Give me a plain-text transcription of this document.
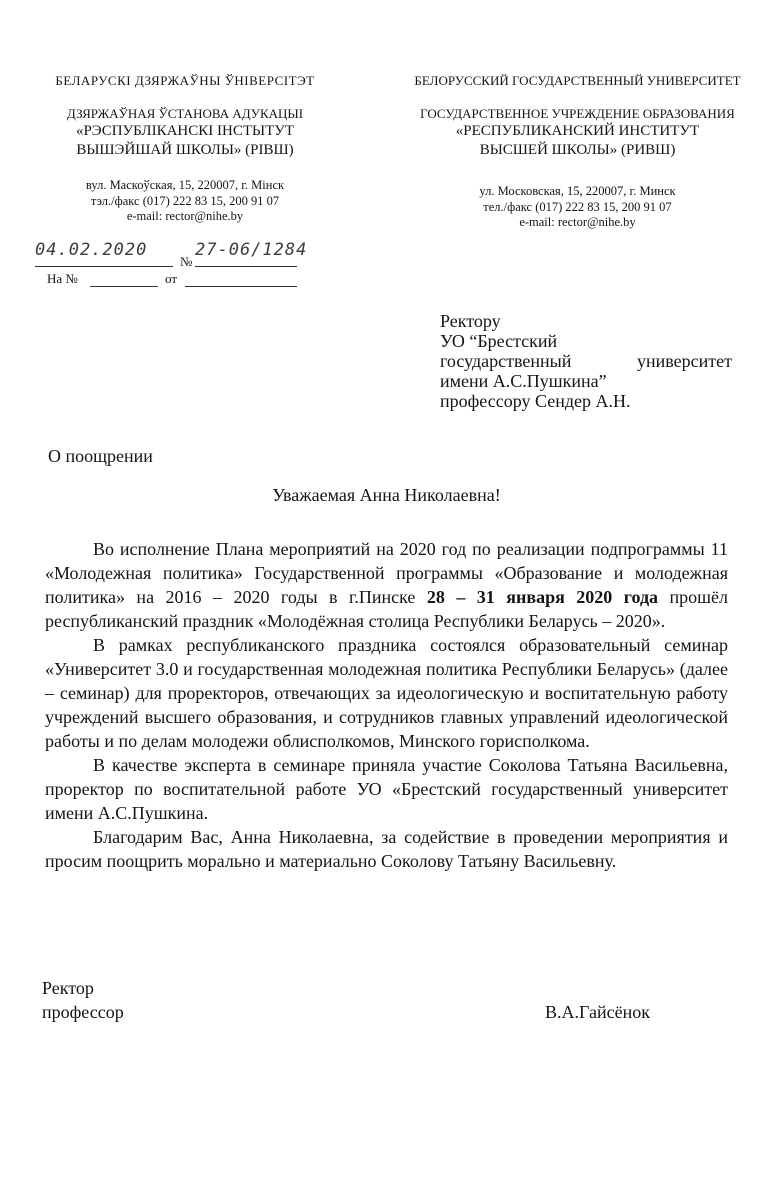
БЕЛАРУСКІ ДЗЯРЖАЎНЫ ЎНІВЕРСІТЭТ
ДЗЯРЖАЎНАЯ ЎСТАНОВА АДУКАЦЫІ
«РЭСПУБЛІКАНСКІ ІНСТЫТУТ
ВЫШЭЙШАЙ ШКОЛЫ» (РІВШ)
вул. Маскоўская, 15, 220007, г. Мінск
тэл./факс (017) 222 83 15, 200 91 07
e-mail: rector@nihe.by
БЕЛОРУССКИЙ ГОСУДАРСТВЕННЫЙ УНИВЕРСИТЕТ
ГОСУДАРСТВЕННОЕ УЧРЕЖДЕНИЕ ОБРАЗОВАНИЯ
«РЕСПУБЛИКАНСКИЙ ИНСТИТУТ
ВЫСШЕЙ ШКОЛЫ» (РИВШ)
ул. Московская, 15, 220007, г. Минск
тел./факс (017) 222 83 15, 200 91 07
e-mail: rector@nihe.by
04.02.2020
№
27-06/1284
На №	от
Ректору
УО “Брестский
государственный университет
имени А.С.Пушкина”
профессору Сендер А.Н.
О поощрении
Уважаемая Анна Николаевна!

Во исполнение Плана мероприятий на 2020 год по реализации подпрограммы 11 «Молодежная политика» Государственной программы «Образование и молодежная политика» на 2016 – 2020 годы в г.Пинске 28 – 31 января 2020 года прошёл республиканский праздник «Молодёжная столица Республики Беларусь – 2020».

В рамках республиканского праздника состоялся образовательный семинар «Университет 3.0 и государственная молодежная политика Республики Беларусь» (далее – семинар) для проректоров, отвечающих за идеологическую и воспитательную работу учреждений высшего образования, и сотрудников главных управлений идеологической работы и по делам молодежи облисполкомов, Минского горисполкома.

В качестве эксперта в семинаре приняла участие Соколова Татьяна Васильевна, проректор по воспитательной работе УО «Брестский государственный университет имени А.С.Пушкина.

Благодарим Вас, Анна Николаевна, за содействие в проведении мероприятия и просим поощрить морально и материально Соколову Татьяну Васильевну.

Ректор
профессор	В.А.Гайсёнок
